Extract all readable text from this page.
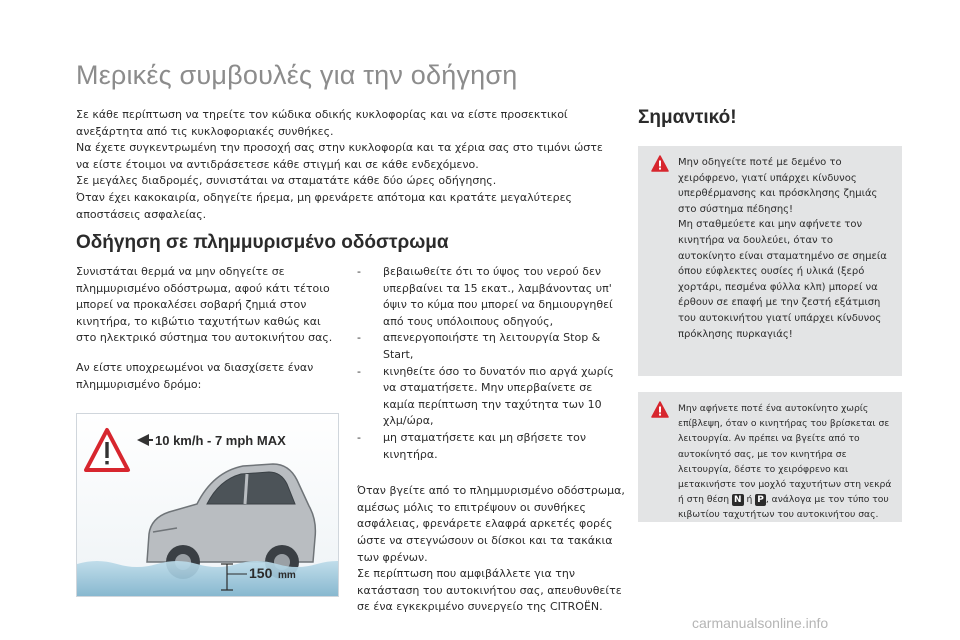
Μερικές συμβουλές για την οδήγηση

Σε κάθε περίπτωση να τηρείτε τον κώδικα οδικής κυκλοφορίας και να είστε προσεκτικοί ανεξάρτητα από τις κυκλοφοριακές συνθήκες.

Να έχετε συγκεντρωμένη την προσοχή σας στην κυκλοφορία και τα χέρια σας στο τιμόνι ώστε να είστε έτοιμοι να αντιδράσετεσε κάθε στιγμή και σε κάθε ενδεχόμενο.

Σε μεγάλες διαδρομές, συνιστάται να σταματάτε κάθε δύο ώρες οδήγησης.

Όταν έχει κακοκαιρία, οδηγείτε ήρεμα, μη φρενάρετε απότομα και κρατάτε μεγαλύτερες αποστάσεις ασφαλείας.

Οδήγηση σε πλημμυρισμένο οδόστρωμα

Συνιστάται θερμά να μην οδηγείτε σε πλημμυρισμένο οδόστρωμα, αφού κάτι τέτοιο μπορεί να προκαλέσει σοβαρή ζημιά στον κινητήρα, το κιβώτιο ταχυτήτων καθώς και στο ηλεκτρικό σύστημα του αυτοκινήτου σας.

Αν είστε υποχρεωμένοι να διασχίσετε έναν πλημμυρισμένο δρόμο:

10 km/h - 7 mph MAX
150 mm
- βεβαιωθείτε ότι το ύψος του νερού δεν υπερβαίνει τα 15 εκατ., λαμβάνοντας υπ' όψιν το κύμα που μπορεί να δημιουργηθεί από τους υπόλοιπους οδηγούς,
- απενεργοποιήστε τη λειτουργία Stop & Start,
- κινηθείτε όσο το δυνατόν πιο αργά χωρίς να σταματήσετε. Μην υπερβαίνετε σε καμία περίπτωση την ταχύτητα των 10 χλμ/ώρα,
- μη σταματήσετε και μη σβήσετε τον κινητήρα.

Όταν βγείτε από το πλημμυρισμένο οδόστρωμα, αμέσως μόλις το επιτρέψουν οι συνθήκες ασφάλειας, φρενάρετε ελαφρά αρκετές φορές ώστε να στεγνώσουν οι δίσκοι και τα τακάκια των φρένων.

Σε περίπτωση που αμφιβάλλετε για την κατάσταση του αυτοκινήτου σας, απευθυνθείτε σε ένα εγκεκριμένο συνεργείο της CITROËN.

Σημαντικό!

Μην οδηγείτε ποτέ με δεμένο το χειρόφρενο, γιατί υπάρχει κίνδυνος υπερθέρμανσης και πρόσκλησης ζημιάς στο σύστημα πέδησης!

Μη σταθμεύετε και μην αφήνετε τον κινητήρα να δουλεύει, όταν το αυτοκίνητο είναι σταματημένο σε σημεία όπου εύφλεκτες ουσίες ή υλικά (ξερό χορτάρι, πεσμένα φύλλα κλπ) μπορεί να έρθουν σε επαφή με την ζεστή εξάτμιση του αυτοκινήτου γιατί υπάρχει κίνδυνος πρόκλησης πυρκαγιάς!

Μην αφήνετε ποτέ ένα αυτοκίνητο χωρίς επίβλεψη, όταν ο κινητήρας του βρίσκεται σε λειτουργία. Αν πρέπει να βγείτε από το αυτοκίνητό σας, με τον κινητήρα σε λειτουργία, δέστε το χειρόφρενο και μετακινήστε τον μοχλό ταχυτήτων στη νεκρά ή στη θέση N ή P , ανάλογα με τον τύπο του κιβωτίου ταχυτήτων του αυτοκινήτου σας.

carmanualsonline.info
